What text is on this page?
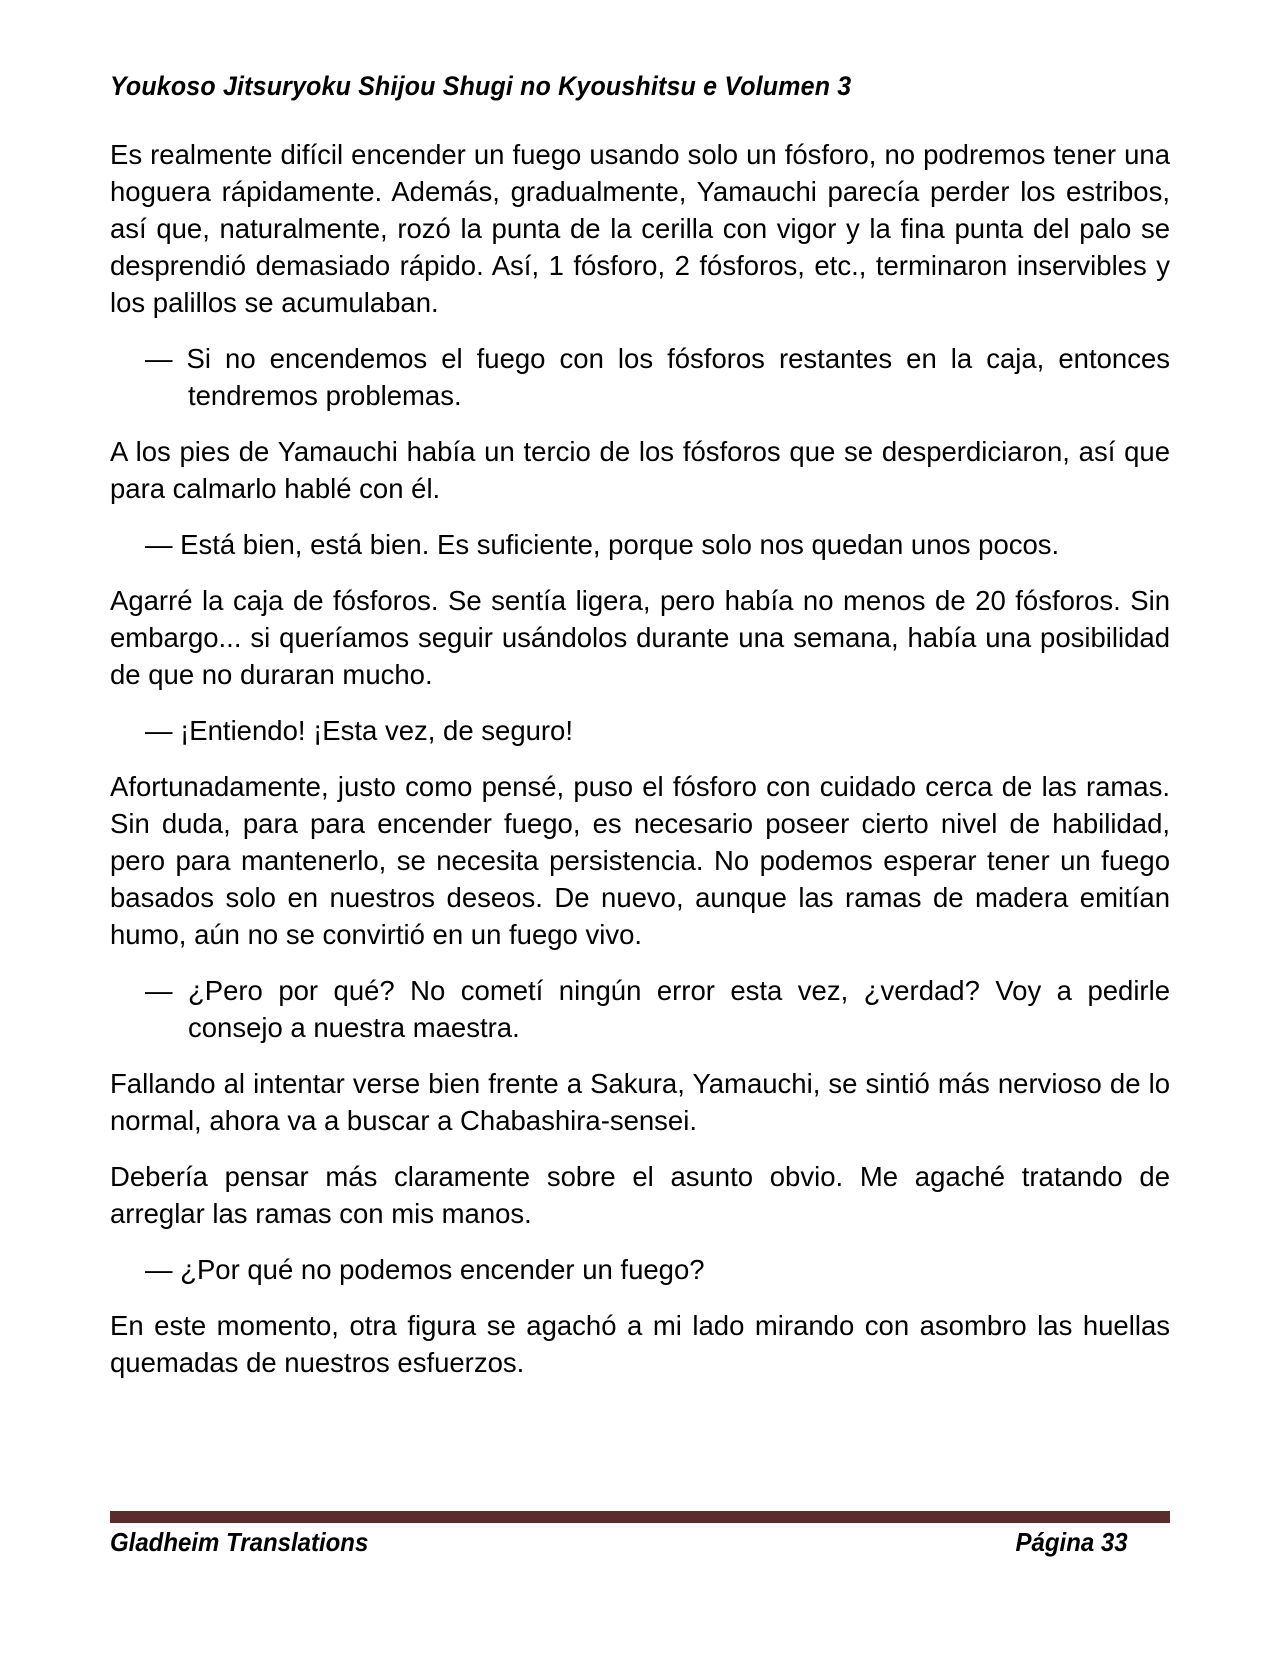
Youkoso Jitsuryoku Shijou Shugi no Kyoushitsu e Volumen 3

Es realmente difícil encender un fuego usando solo un fósforo, no podremos tener una hoguera rápidamente. Además, gradualmente, Yamauchi parecía perder los estribos, así que, naturalmente, rozó la punta de la cerilla con vigor y la fina punta del palo se desprendió demasiado rápido. Así, 1 fósforo, 2 fósforos, etc., terminaron inservibles y los palillos se acumulaban.

— Si no encendemos el fuego con los fósforos restantes en la caja, entonces tendremos problemas.

A los pies de Yamauchi había un tercio de los fósforos que se desperdiciaron, así que para calmarlo hablé con él.

— Está bien, está bien. Es suficiente, porque solo nos quedan unos pocos.

Agarré la caja de fósforos. Se sentía ligera, pero había no menos de 20 fósforos. Sin embargo... si queríamos seguir usándolos durante una semana, había una posibilidad de que no duraran mucho.

— ¡Entiendo! ¡Esta vez, de seguro!

Afortunadamente, justo como pensé, puso el fósforo con cuidado cerca de las ramas. Sin duda, para para encender fuego, es necesario poseer cierto nivel de habilidad, pero para mantenerlo, se necesita persistencia. No podemos esperar tener un fuego basados solo en nuestros deseos. De nuevo, aunque las ramas de madera emitían humo, aún no se convirtió en un fuego vivo.

— ¿Pero por qué? No cometí ningún error esta vez, ¿verdad? Voy a pedirle consejo a nuestra maestra.

Fallando al intentar verse bien frente a Sakura, Yamauchi, se sintió más nervioso de lo normal, ahora va a buscar a Chabashira-sensei.

Debería pensar más claramente sobre el asunto obvio. Me agaché tratando de arreglar las ramas con mis manos.

— ¿Por qué no podemos encender un fuego?

En este momento, otra figura se agachó a mi lado mirando con asombro las huellas quemadas de nuestros esfuerzos.

Gladheim Translations	Página 33
